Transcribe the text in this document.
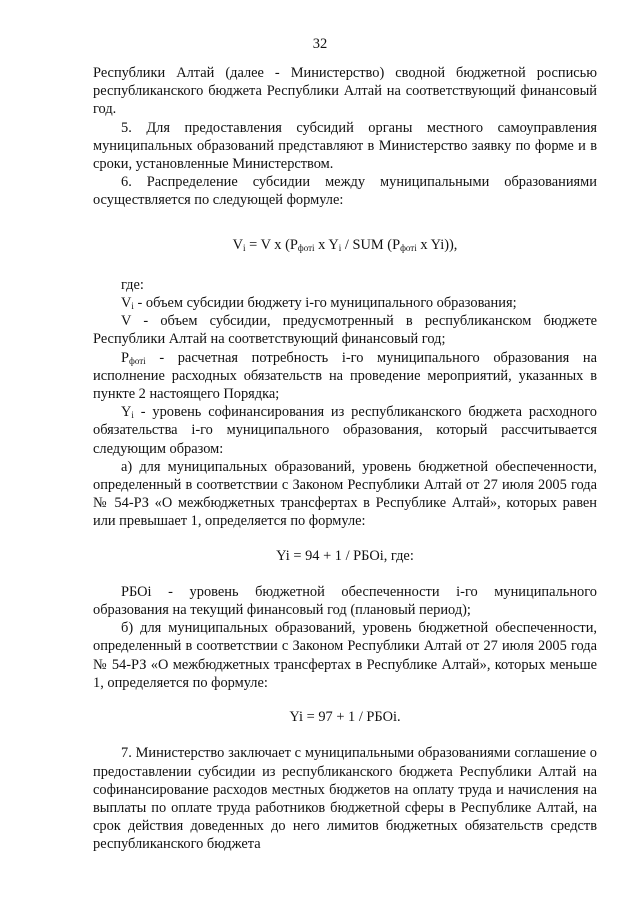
32

Республики Алтай (далее - Министерство) сводной бюджетной росписью республиканского бюджета Республики Алтай на соответствующий финансовый год.

5. Для предоставления субсидий органы местного самоуправления муниципальных образований представляют в Министерство заявку по форме и в сроки, установленные Министерством.

6. Распределение субсидии между муниципальными образованиями осуществляется по следующей формуле:

$V_i = V$ x ($P_{фотi}$ x $Y_i$ / SUM ($P_{фотi}$ x Yi)),

где:

$V_i$ - объем субсидии бюджету i-го муниципального образования;

V - объем субсидии, предусмотренный в республиканском бюджете Республики Алтай на соответствующий финансовый год;

$P_{фотi}$ - расчетная потребность i-го муниципального образования на исполнение расходных обязательств на проведение мероприятий, указанных в пункте 2 настоящего Порядка;

$Y_i$ - уровень софинансирования из республиканского бюджета расходного обязательства i-го муниципального образования, который рассчитывается следующим образом:

а) для муниципальных образований, уровень бюджетной обеспеченности, определенный в соответствии с Законом Республики Алтай от 27 июля 2005 года № 54-РЗ «О межбюджетных трансфертах в Республике Алтай», которых равен или превышает 1, определяется по формуле:

Yi = 94 + 1 / РБОi, где:

РБОi - уровень бюджетной обеспеченности i-го муниципального образования на текущий финансовый год (плановый период);

б) для муниципальных образований, уровень бюджетной обеспеченности, определенный в соответствии с Законом Республики Алтай от 27 июля 2005 года № 54-РЗ «О межбюджетных трансфертах в Республике Алтай», которых меньше 1, определяется по формуле:

Yi = 97 + 1 / РБОi.

7. Министерство заключает с муниципальными образованиями соглашение о предоставлении субсидии из республиканского бюджета Республики Алтай на софинансирование расходов местных бюджетов на оплату труда и начисления на выплаты по оплате труда работников бюджетной сферы в Республике Алтай, на срок действия доведенных до него лимитов бюджетных обязательств средств республиканского бюджета
